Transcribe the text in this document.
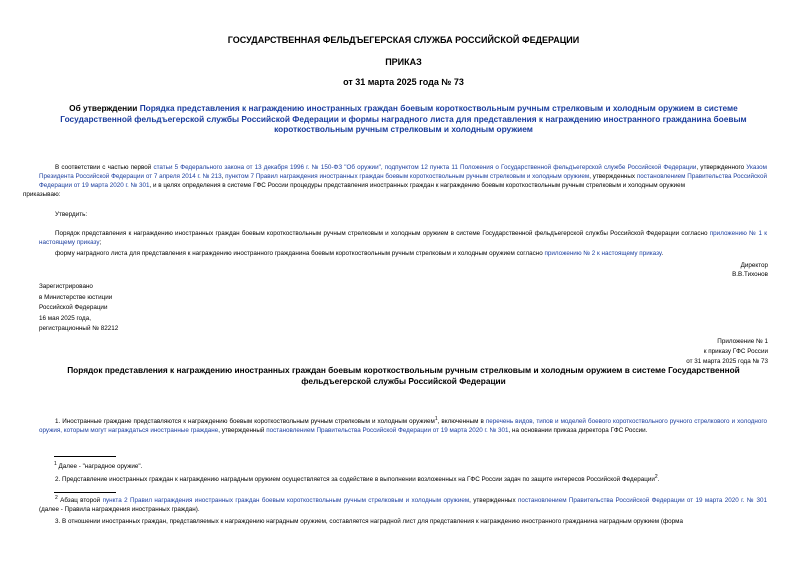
ГОСУДАРСТВЕННАЯ ФЕЛЬДЪЕГЕРСКАЯ СЛУЖБА РОССИЙСКОЙ ФЕДЕРАЦИИ
ПРИКАЗ
от 31 марта 2025 года № 73
Об утверждении Порядка представления к награждению иностранных граждан боевым короткоствольным ручным стрелковым и холодным оружием в системе Государственной фельдъегерской службы Российской Федерации и формы наградного листа для представления к награждению иностранного гражданина боевым короткоствольным ручным стрелковым и холодным оружием
В соответствии с частью первой статьи 5 Федерального закона от 13 декабря 1996 г. № 150-ФЗ "Об оружии", подпунктом 12 пункта 11 Положения о Государственной фельдъегерской службе Российской Федерации, утвержденного Указом Президента Российской Федерации от 7 апреля 2014 г. № 213, пунктом 7 Правил награждения иностранных граждан боевым короткоствольным ручным стрелковым и холодным оружием, утвержденных постановлением Правительства Российской Федерации от 19 марта 2020 г. № 301, и в целях определения в системе ГФС России процедуры представления иностранных граждан к награждению боевым короткоствольным ручным стрелковым и холодным оружием
приказываю:
Утвердить:
Порядок представления к награждению иностранных граждан боевым короткоствольным ручным стрелковым и холодным оружием в системе Государственной фельдъегерской службы Российской Федерации согласно приложению № 1 к настоящему приказу;
форму наградного листа для представления к награждению иностранного гражданина боевым короткоствольным ручным стрелковым и холодным оружием согласно приложению № 2 к настоящему приказу.
Директор
В.В.Тихонов
Зарегистрировано
в Министерстве юстиции
Российской Федерации
16 мая 2025 года,
регистрационный № 82212
Приложение № 1
к приказу ГФС России
от 31 марта 2025 года № 73
Порядок представления к награждению иностранных граждан боевым короткоствольным ручным стрелковым и холодным оружием в системе Государственной фельдъегерской службы Российской Федерации
1. Иностранные граждане представляются к награждению боевым короткоствольным ручным стрелковым и холодным оружием$^1$, включенным в перечень видов, типов и моделей боевого короткоствольного ручного стрелкового и холодного оружия, которым могут награждаться иностранные граждане, утвержденный постановлением Правительства Российской Федерации от 19 марта 2020 г. № 301, на основании приказа директора ГФС России.
$^1$ Далее - "наградное оружие".
2. Представление иностранных граждан к награждению наградным оружием осуществляется за содействие в выполнении возложенных на ГФС России задач по защите интересов Российской Федерации$^2$.
$^2$ Абзац второй пункта 2 Правил награждения иностранных граждан боевым короткоствольным ручным стрелковым и холодным оружием, утвержденных постановлением Правительства Российской Федерации от 19 марта 2020 г. № 301 (далее - Правила награждения иностранных граждан).
3. В отношении иностранных граждан, представляемых к награждению наградным оружием, составляется наградной лист для представления к награждению иностранного гражданина наградным оружием (форма
